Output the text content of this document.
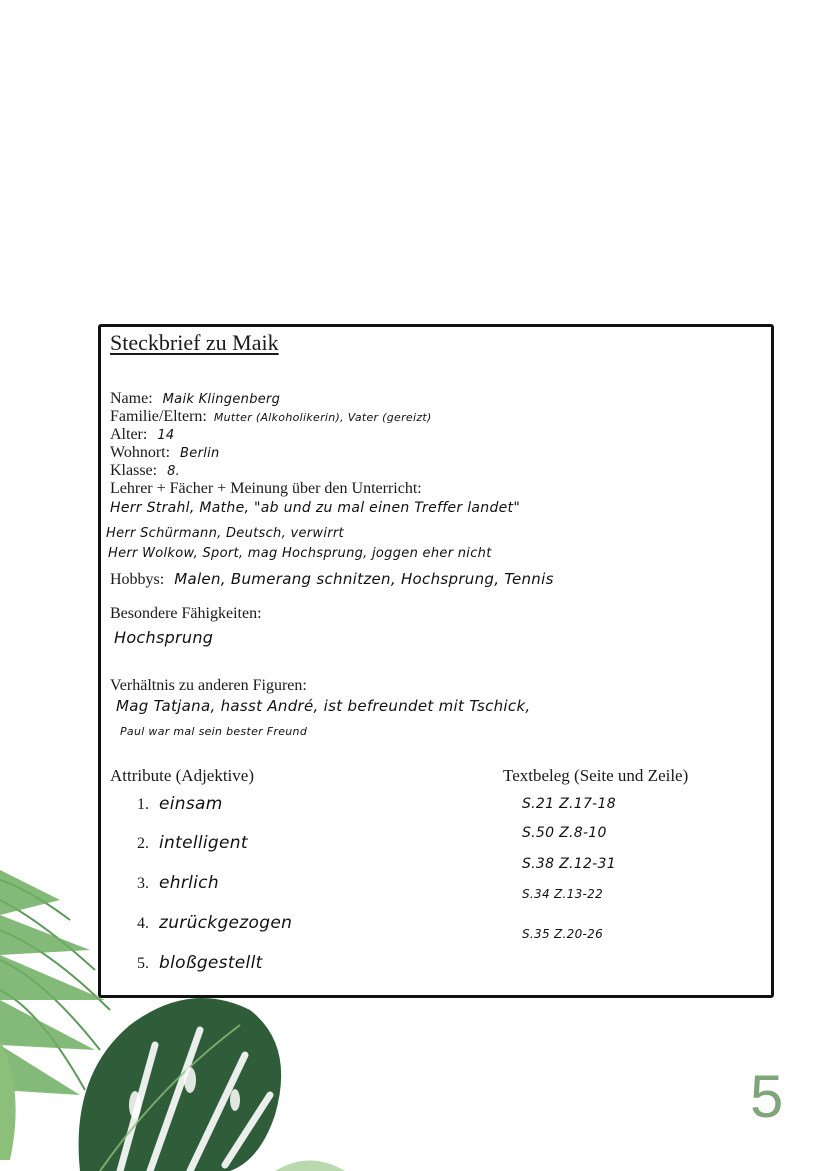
Steckbrief zu Maik
Name: Maik Klingenberg
Familie/Eltern: Mutter (Alkoholikerin), Vater (gereizt)
Alter: 14
Wohnort: Berlin
Klasse: 8.
Lehrer + Fächer + Meinung über den Unterricht:
Herr Strahl, Mathe, "ab und zu mal einen Treffer landet"
Herr Schürmann, Deutsch, verwirrt
Herr Wolkow, Sport, mag Hochsprung, joggen eher nicht
Hobbys: Malen, Bumerang schnitzen, Hochsprung, Tennis
Besondere Fähigkeiten:
Hochsprung
Verhältnis zu anderen Figuren:
Mag Tatjana, hasst André, ist befreundet mit Tschick,
Paul war mal sein bester Freund
Attribute (Adjektive)	Textbeleg (Seite und Zeile)
1. einsam
2. intelligent
3. ehrlich
4. zurückgezogen
5. bloßgestellt
S.21 Z.17-18
S.50 Z.8-10
S.38 Z.12-31
S.34 Z.13-22
S.35 Z.20-26
5
